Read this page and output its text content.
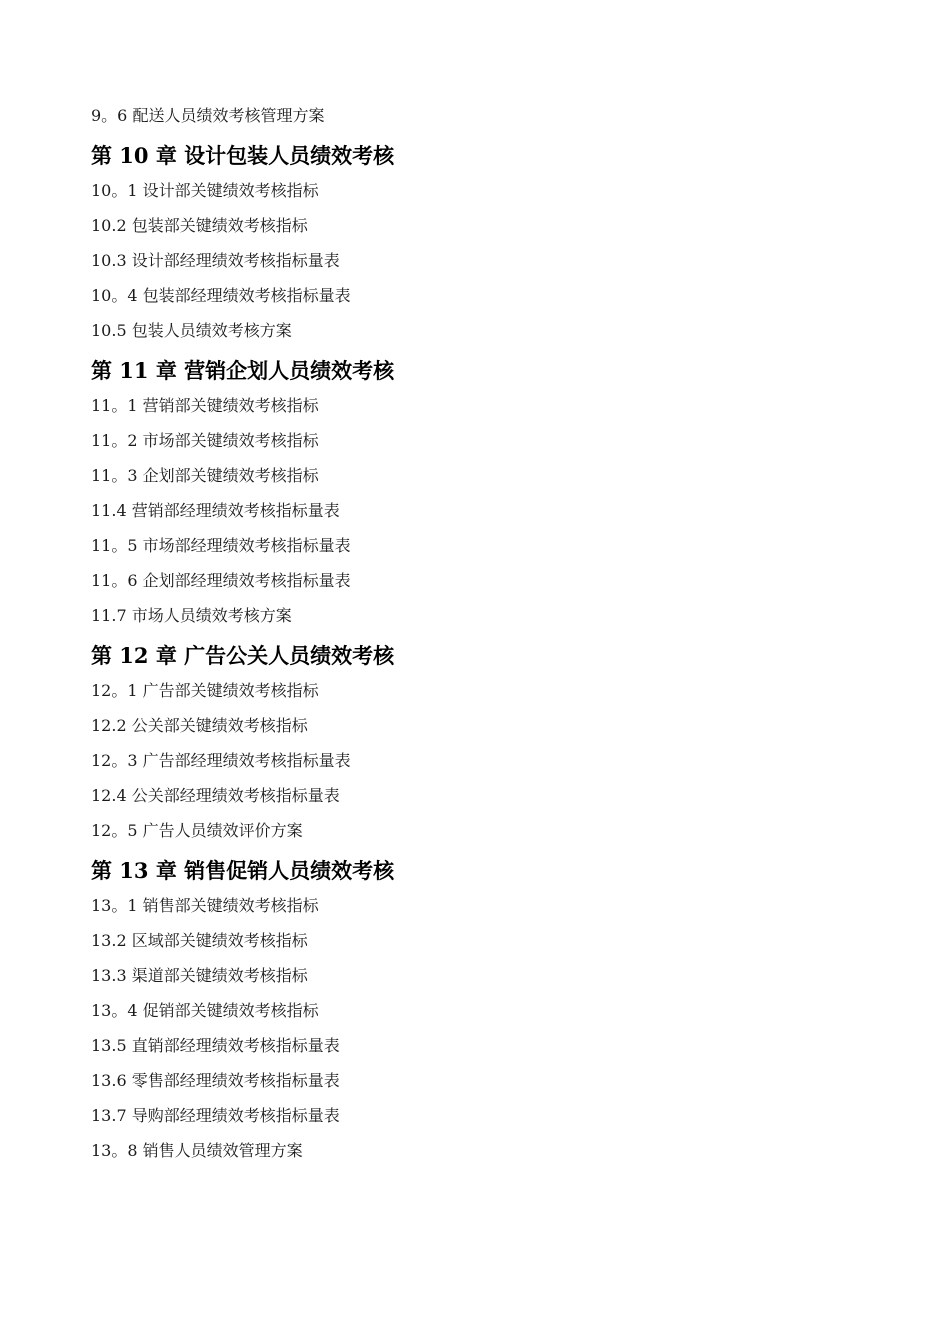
9。6 配送人员绩效考核管理方案
第 10 章 设计包装人员绩效考核
10。1 设计部关键绩效考核指标
10.2 包装部关键绩效考核指标
10.3 设计部经理绩效考核指标量表
10。4 包装部经理绩效考核指标量表
10.5 包装人员绩效考核方案
第 11 章 营销企划人员绩效考核
11。1 营销部关键绩效考核指标
11。2 市场部关键绩效考核指标
11。3 企划部关键绩效考核指标
11.4 营销部经理绩效考核指标量表
11。5 市场部经理绩效考核指标量表
11。6 企划部经理绩效考核指标量表
11.7 市场人员绩效考核方案
第 12 章 广告公关人员绩效考核
12。1 广告部关键绩效考核指标
12.2 公关部关键绩效考核指标
12。3 广告部经理绩效考核指标量表
12.4 公关部经理绩效考核指标量表
12。5 广告人员绩效评价方案
第 13 章 销售促销人员绩效考核
13。1 销售部关键绩效考核指标
13.2 区域部关键绩效考核指标
13.3 渠道部关键绩效考核指标
13。4 促销部关键绩效考核指标
13.5 直销部经理绩效考核指标量表
13.6 零售部经理绩效考核指标量表
13.7 导购部经理绩效考核指标量表
13。8 销售人员绩效管理方案
